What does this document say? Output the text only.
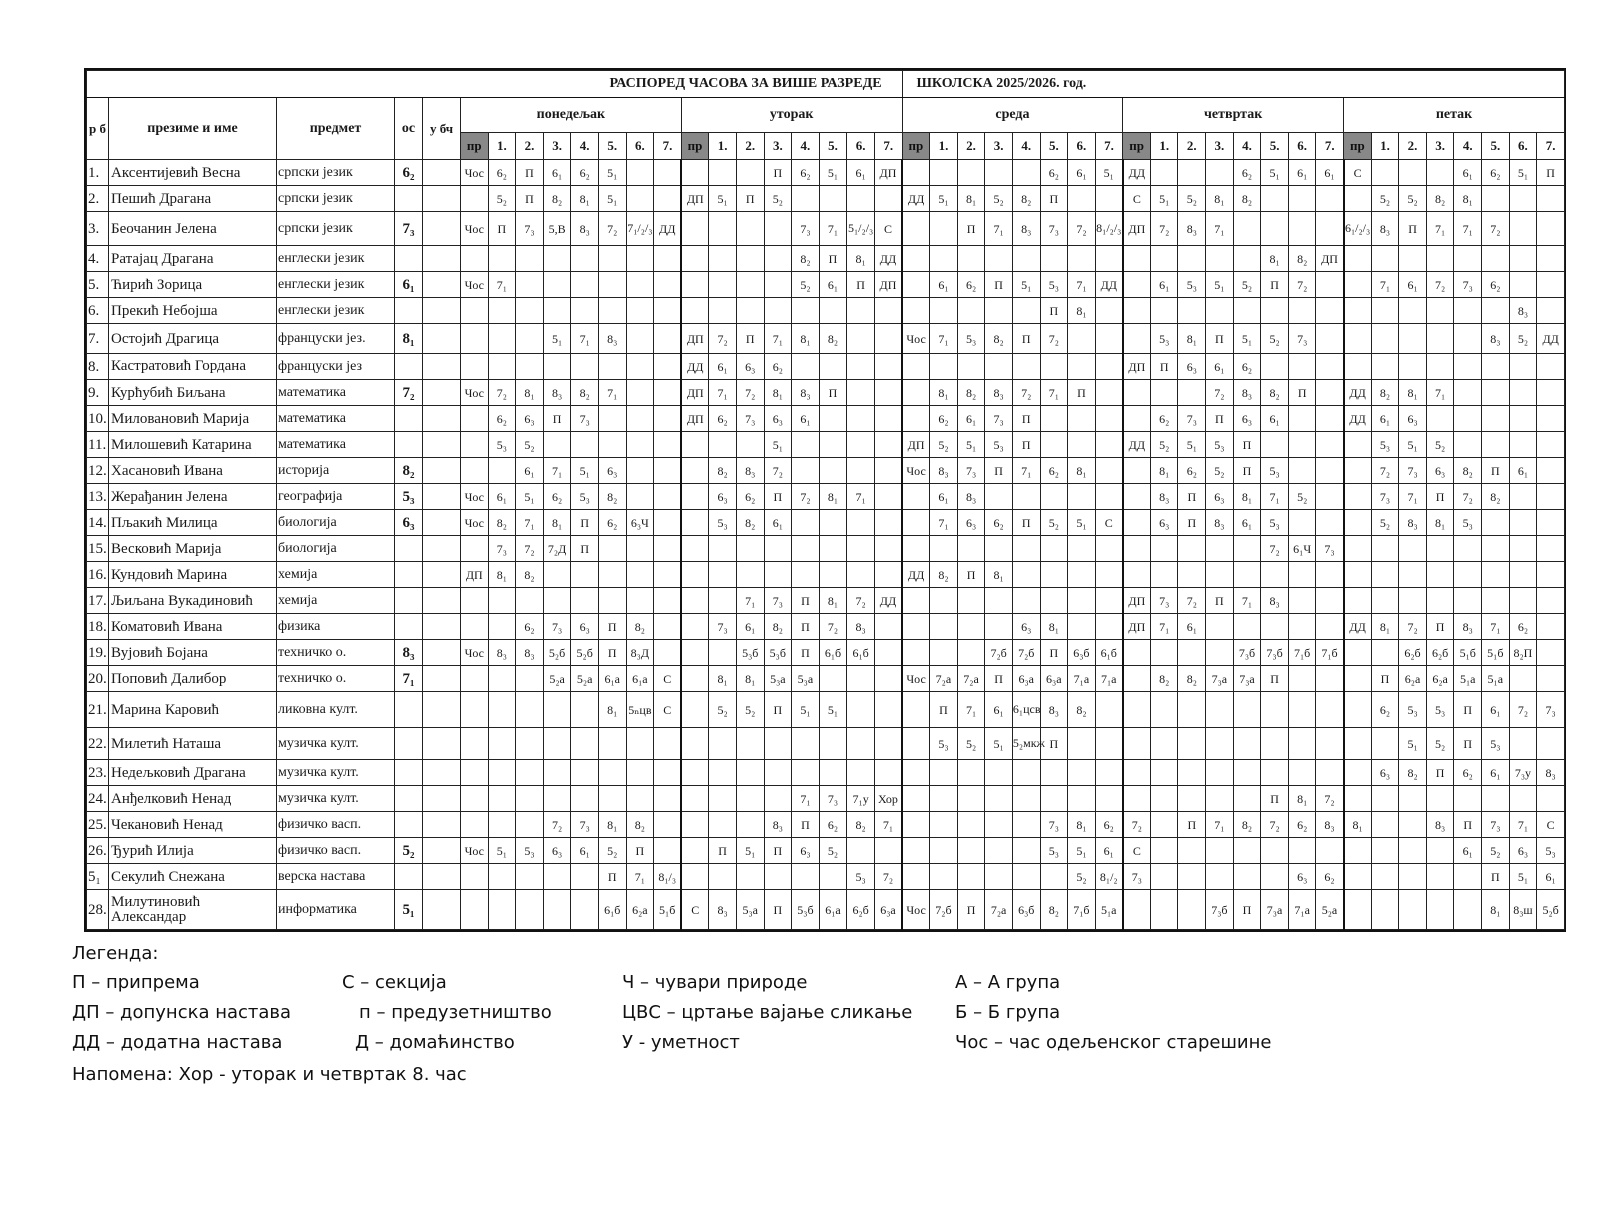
РАСПОРЕД ЧАСОВА ЗА ВИШЕ РАЗРЕДЕ																					ШКОЛСКА 2025/2026. год.																								
р б	презиме и име	предмет	ос	у бч	понедељак								уторак								среда								четвртак								петак								
					пр	1.	2.	3.	4.	5.	6.	7.	пр	1.	2.	3.	4.	5.	6.	7.	пр	1.	2.	3.	4.	5.	6.	7.	пр	1.	2.	3.	4.	5.	6.	7.	пр	1.	2.	3.	4.	5.	6.	7.	
1.	Аксентијевић Весна	српски језик	6₂		Чос	6₂	П	6₁	6₂	5₁						П	6₂	5₁	6₁	ДП						6₂	6₁	5₁	ДД				6₂	5₁	6₁	6₁	С				6₁	6₂	5₁	П	
2.	Пешић Драгана	српски језик				5₂	П	8₂	8₁	5₁			ДП	5₁	П	5₂					ДД	5₁	8₁	5₂	8₂	П			С	5₁	5₂	8₁	8₂					5₂	5₂	8₂	8₁				
3.	Беочанин Јелена	српски језик	7₃		Чос	П	7₃	5,В	8₃	7₂	7₁/₂/₃	ДД					7₃	7₁	5₁/₂/₃	С			П	7₁	8₃	7₃	7₂	8₁/₂/₃	ДП	7₂	8₃	7₁					6₁/₂/₃	8₃	П	7₁	7₁	7₂			
4.	Ратајац Драгана	енглески језик															8₂	П	8₁	ДД														8₁	8₂	ДП									
5.	Ћирић Зорица	енглески језик	6₁		Чос	7₁											5₂	6₁	П	ДП		6₁	6₂	П	5₁	5₃	7₁	ДД		6₁	5₃	5₁	5₂	П	7₂			7₁	6₁	7₂	7₃	6₂			
6.	Прекић Небојша	енглески језик																								П	8₁																8₃		
7.	Остојић Драгица	француски јез.	8₁					5₁	7₁	8₃			ДП	7₂	П	7₁	8₁	8₂			Чос	7₁	5₃	8₂	П	7₂				5₃	8₁	П	5₁	5₂	7₃							8₃	5₂	ДД	
8.	Кастратовић Гордана	француски јез											ДД	6₁	6₃	6₂													ДП	П	6₃	6₁	6₂												
9.	Курћубић Биљана	математика	7₂		Чос	7₂	8₁	8₃	8₂	7₁			ДП	7₁	7₂	8₁	8₃	П				8₁	8₂	8₃	7₂	7₁	П					7₂	8₃	8₂	П		ДД	8₂	8₁	7₁					
10.	Миловановић Марија	математика				6₂	6₃	П	7₃				ДП	6₂	7₃	6₃	6₁					6₂	6₁	7₃	П					6₂	7₃	П	6₃	6₁			ДД	6₁	6₃						
11.	Милошевић Катарина	математика				5₃	5₂									5₁					ДП	5₂	5₁	5₃	П				ДД	5₂	5₁	5₃	П					5₃	5₁	5₂					
12.	Хасановић Ивана	историја	8₂				6₁	7₁	5₁	6₃				8₂	8₃	7₂					Чос	8₃	7₃	П	7₁	6₂	8₁			8₁	6₂	5₂	П	5₃				7₂	7₃	6₃	8₂	П	6₁		
13.	Жерађанин Јелена	географија	5₃		Чос	6₁	5₁	6₂	5₃	8₂				6₃	6₂	П	7₂	8₁	7₁			6₁	8₃							8₃	П	6₃	8₁	7₁	5₂			7₃	7₁	П	7₂	8₂			
14.	Пљакић Милица	биологија	6₃		Чос	8₂	7₁	8₁	П	6₂	6₃Ч			5₃	8₂	6₁						7₁	6₃	6₂	П	5₂	5₁	С		6₃	П	8₃	6₁	5₃				5₂	8₃	8₁	5₃				
15.	Весковић Марија	биологија				7₃	7₂	7₂Д	П																									7₂	6₁Ч	7₃									
16.	Кундовић Марина	хемија			ДП	8₁	8₂														ДД	8₂	П	8₁																					
17.	Љиљана Вукадиновић	хемија													7₁	7₃	П	8₁	7₂	ДД									ДП	7₃	7₂	П	7₁	8₃											
18.	Коматовић Ивана	физика					6₂	7₃	6₃	П	8₂			7₃	6₁	8₂	П	7₂	8₃						6₃	8₁			ДП	7₁	6₁						ДД	8₁	7₂	П	8₃	7₁	6₂		
19.	Вујовић Бојана	техничко о.	8₃		Чос	8₃	8₃	5₂б	5₂б	П	8₃Д				5₃б	5₃б	П	6₁б	6₁б					7₂б	7₂б	П	6₃б	6₁б					7₃б	7₃б	7₁б	7₁б			6₂б	6₂б	5₁б	5₁б	8₂П		
20.	Поповић Далибор	техничко о.	7₁					5₂а	5₂а	6₁а	6₁а	С		8₁	8₁	5₃а	5₃а				Чос	7₂а	7₂а	П	6₃а	6₃а	7₁а	7₁а		8₂	8₂	7₃а	7₃а	П				П	6₂а	6₂а	5₁а	5₁а			
21.	Марина Каровић	ликовна култ.								8₁	5ₙцв	С		5₂	5₂	П	5₁	5₁				П	7₁	6₁	6₁цсв	8₃	8₂											6₂	5₃	5₃	П	6₁	7₂	7₃	
22.	Милетић Наташа	музичка култ.																				5₃	5₂	5₁	5₂мкж	П													5₁	5₂	П	5₃			
23.	Недељковић Драгана	музичка култ.																																				6₃	8₂	П	6₂	6₁	7₃у	8₃	
24.	Анђелковић Ненад	музичка култ.															7₁	7₃	7₁у	Хор														П	8₁	7₂									
25.	Чекановић Ненад	физичко васп.						7₂	7₃	8₁	8₂					8₃	П	6₂	8₂	7₁						7₃	8₁	6₂	7₂		П	7₁	8₂	7₂	6₂	8₃	8₁			8₃	П	7₃	7₁	С	
26.	Ђурић Илија	физичко васп.	5₂		Чос	5₁	5₃	6₃	6₁	5₂	П			П	5₁	П	6₃	5₂								5₃	5₁	6₁	С												6₁	5₂	6₃	5₃	
5₁	Секулић Снежана	верска настава								П	7₁	8₁/₃							5₃	7₂							5₂	8₁/₂	7₃						6₃	6₂						П	5₁	6₁	
28.	Милутиновић Александар	информатика	5₁							6₁б	6₂а	5₁б	С	8₃	5₃а	П	5₃б	6₁а	6₂б	6₃а	Чос	7₂б	П	7₂а	6₃б	8₂	7₁б	5₁а				7₃б	П	7₃а	7₁а	5₂а						8₁	8₃ш	5₂б	
Легенда:
П – припрема	С – секција	Ч – чувари природе	А – А група
ДП – допунска настава	п – предузетништво	ЦВС – цртање вајање сликање Б – Б група
ДД – додатна настава	Д – домаћинство	У - уметност	Чос – час одељенског старешине
Напомена: Хор - уторак и четвртак 8. час
